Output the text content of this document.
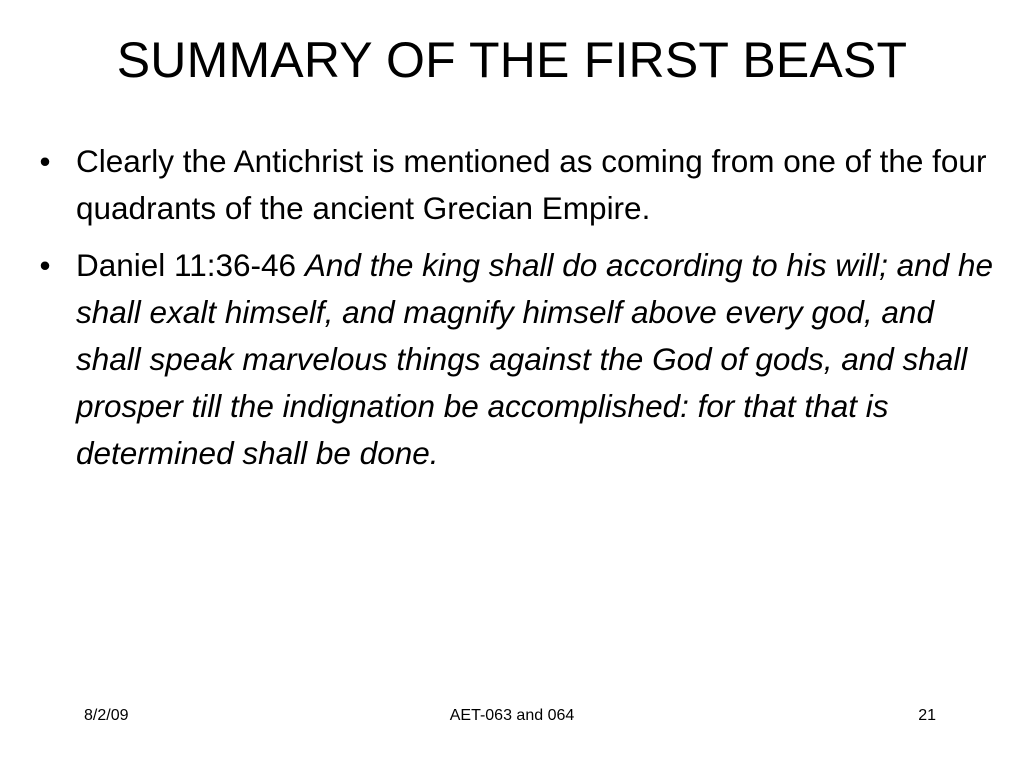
SUMMARY OF THE FIRST BEAST
• Clearly the Antichrist is mentioned as coming from one of the four quadrants of the ancient Grecian Empire.
• Daniel 11:36-46 And the king shall do according to his will; and he shall exalt himself, and magnify himself above every god, and shall speak marvelous things against the God of gods, and shall prosper till the indignation be accomplished: for that that is determined shall be done.
8/2/09	AET-063 and 064	21
